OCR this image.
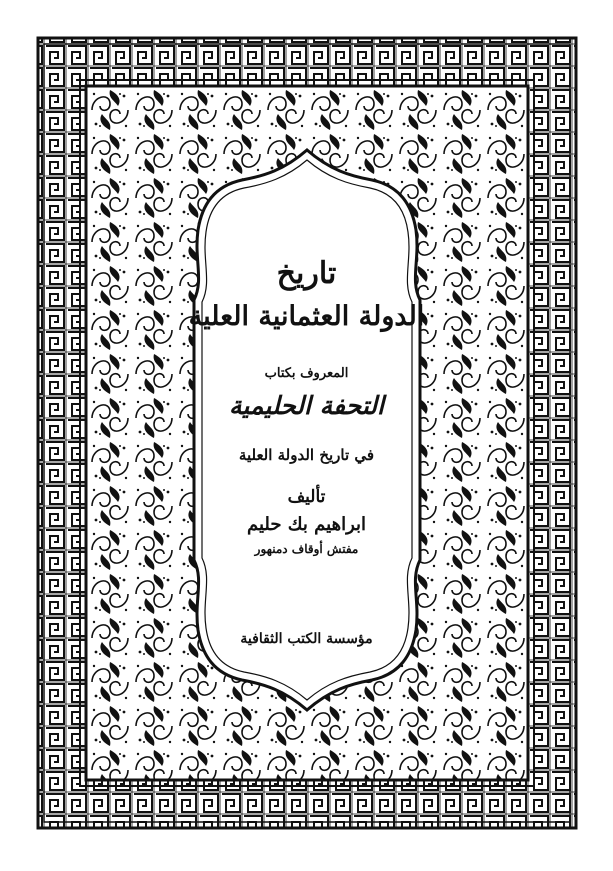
تاريخ
الدولة العثمانية العلية
المعروف بكتاب
التحفة الحليمية
في تاريخ الدولة العلية
تأليف
ابراهيم بك حليم
مفتش أوقاف دمنهور
مؤسسة الكتب الثقافية
